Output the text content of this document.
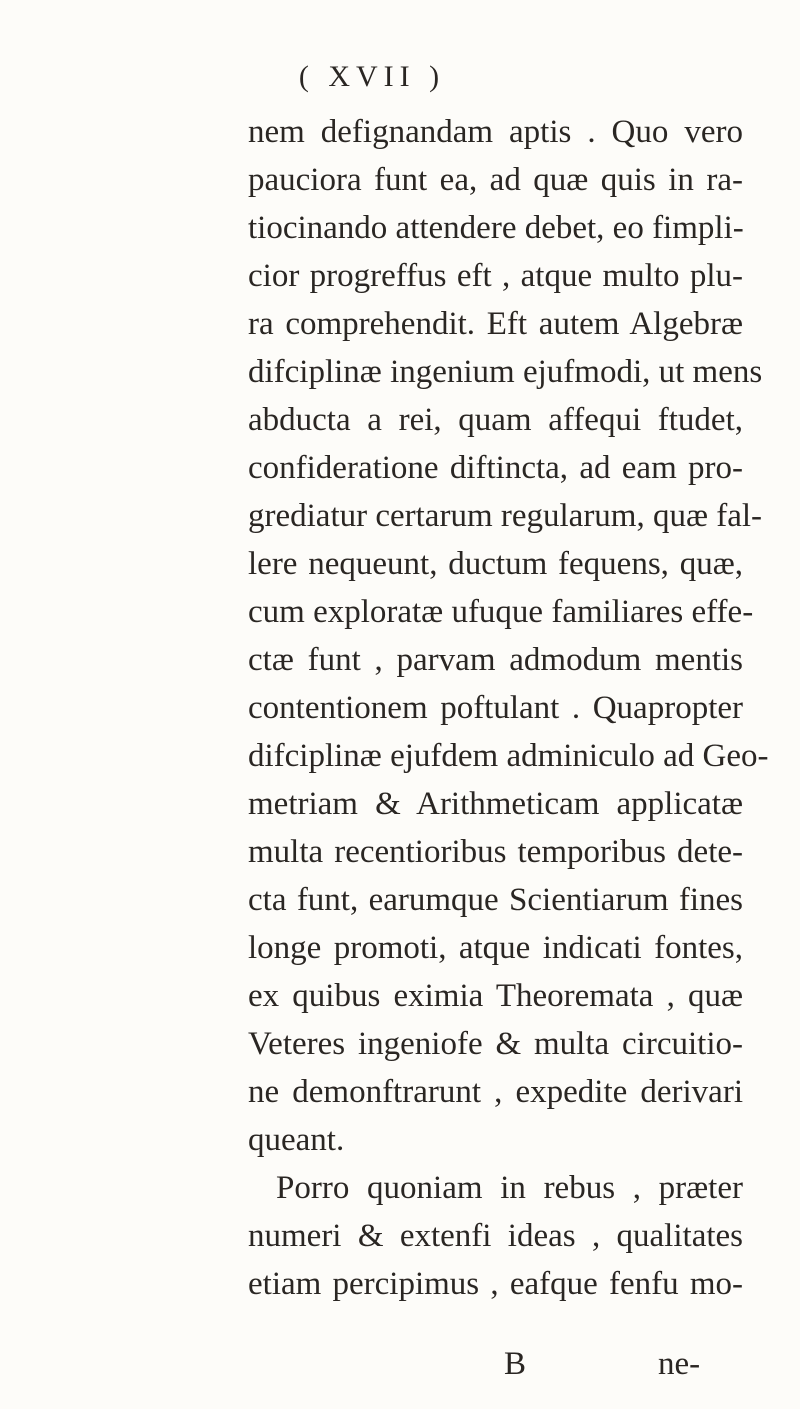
( XVII )
nem defignandam aptis . Quo vero
pauciora funt ea, ad quæ quis in ra-
tiocinando attendere debet, eo fimpli-
cior progreffus eft , atque multo plu-
ra comprehendit. Eft autem Algebræ
difciplinæ ingenium ejufmodi, ut mens
abducta a rei, quam affequi ftudet,
confideratione diftincta, ad eam pro-
grediatur certarum regularum, quæ fal-
lere nequeunt, ductum fequens, quæ,
cum exploratæ ufuque familiares effe-
ctæ funt , parvam admodum mentis
contentionem poftulant . Quapropter
difciplinæ ejufdem adminiculo ad Geo-
metriam & Arithmeticam applicatæ
multa recentioribus temporibus dete-
cta funt, earumque Scientiarum fines
longe promoti, atque indicati fontes,
ex quibus eximia Theoremata , quæ
Veteres ingeniofe & multa circuitio-
ne demonftrarunt , expedite derivari
queant.
Porro quoniam in rebus , præter
numeri & extenfi ideas , qualitates
etiam percipimus , eafque fenfu mo-
B	ne-
